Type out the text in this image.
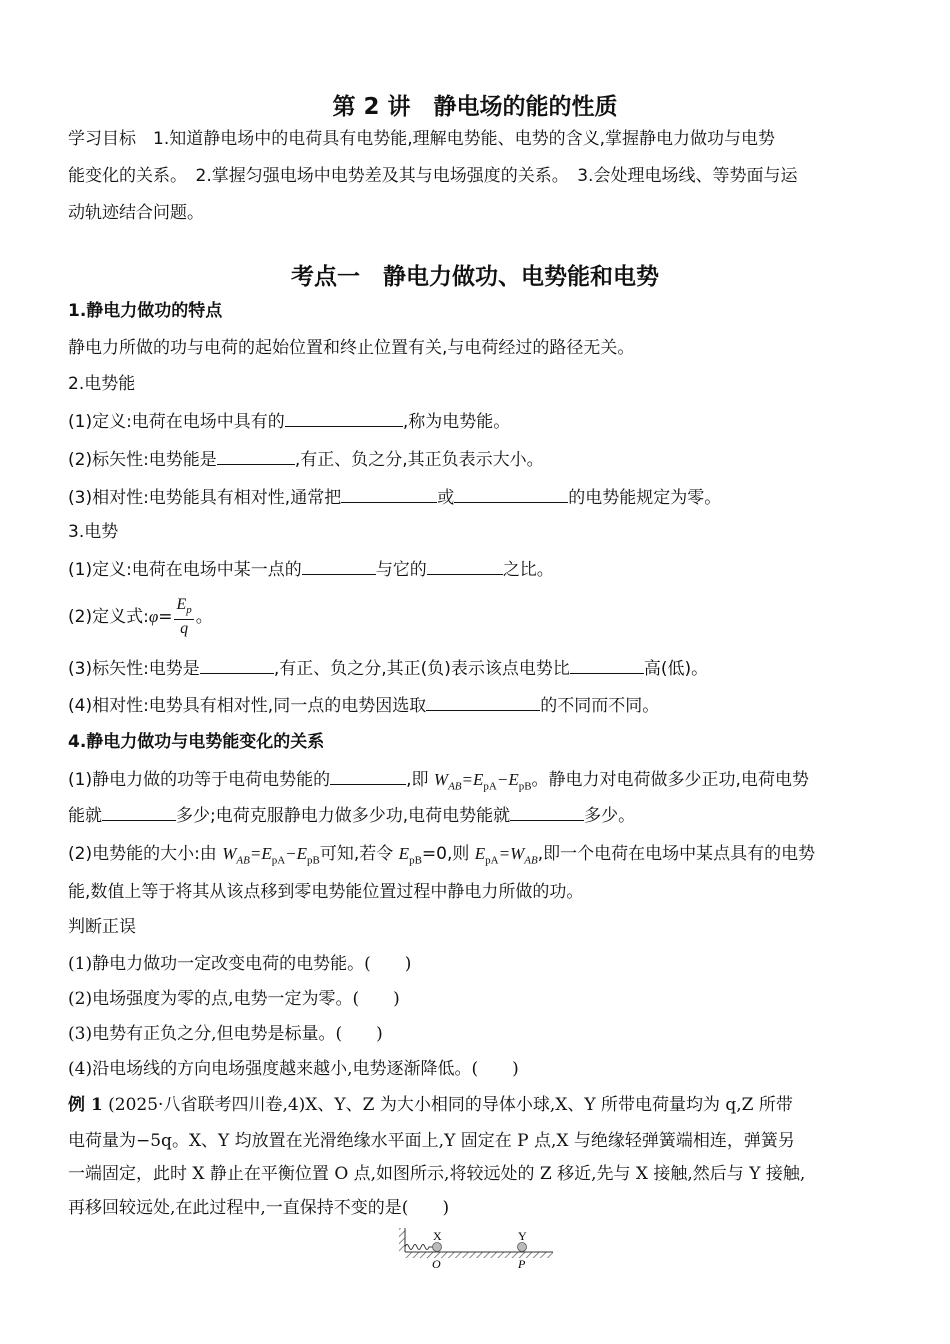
第 2 讲　静电场的能的性质
学习目标　1.知道静电场中的电荷具有电势能,理解电势能、电势的含义,掌握静电力做功与电势
能变化的关系。　2.掌握匀强电场中电势差及其与电场强度的关系。　3.会处理电场线、等势面与运
动轨迹结合问题。
考点一　静电力做功、电势能和电势
1.静电力做功的特点
静电力所做的功与电荷的起始位置和终止位置有关,与电荷经过的路径无关。
2.电势能
(1)定义:电荷在电场中具有的	,称为电势能。
(2)标矢性:电势能是	,有正、负之分,其正负表示大小。
(3)相对性:电势能具有相对性,通常把	或	的电势能规定为零。
3.电势
(1)定义:电荷在电场中某一点的	与它的	之比。
(2)定义式:φ= $\frac{E_p}{q}$ 。
(3)标矢性:电势是	,有正、负之分,其正(负)表示该点电势比	高(低)。
(4)相对性:电势具有相对性,同一点的电势因选取	的不同而不同。
4.静电力做功与电势能变化的关系
(1)静电力做的功等于电荷电势能的	,即 $W_{AB}=E_{pA}-E_{pB}$。静电力对电荷做多少正功,电荷电势
能就	多少;电荷克服静电力做多少功,电荷电势能就	多少。
(2)电势能的大小:由 $W_{AB}=E_{pA}-E_{pB}$可知,若令 $E_{pB}=0$,则 $E_{pA}=W_{AB}$,即一个电荷在电场中某点具有的电势
能,数值上等于将其从该点移到零电势能位置过程中静电力所做的功。
判断正误
(1)静电力做功一定改变电荷的电势能。(　　)
(2)电场强度为零的点,电势一定为零。(　　)
(3)电势有正负之分,但电势是标量。(　　)
(4)沿电场线的方向电场强度越来越小,电势逐渐降低。(　　)
例 1 (2025·八省联考四川卷,4)X、Y、Z 为大小相同的导体小球,X、Y 所带电荷量均为 q,Z 所带
电荷量为−5q。X、Y 均放置在光滑绝缘水平面上,Y 固定在 P 点,X 与绝缘轻弹簧端相连，弹簧另
一端固定，此时 X 静止在平衡位置 O 点,如图所示,将较远处的 Z 移近,先与 X 接触,然后与 Y 接触,
再移回较远处,在此过程中,一直保持不变的是(　　)
X
O
Y
P
